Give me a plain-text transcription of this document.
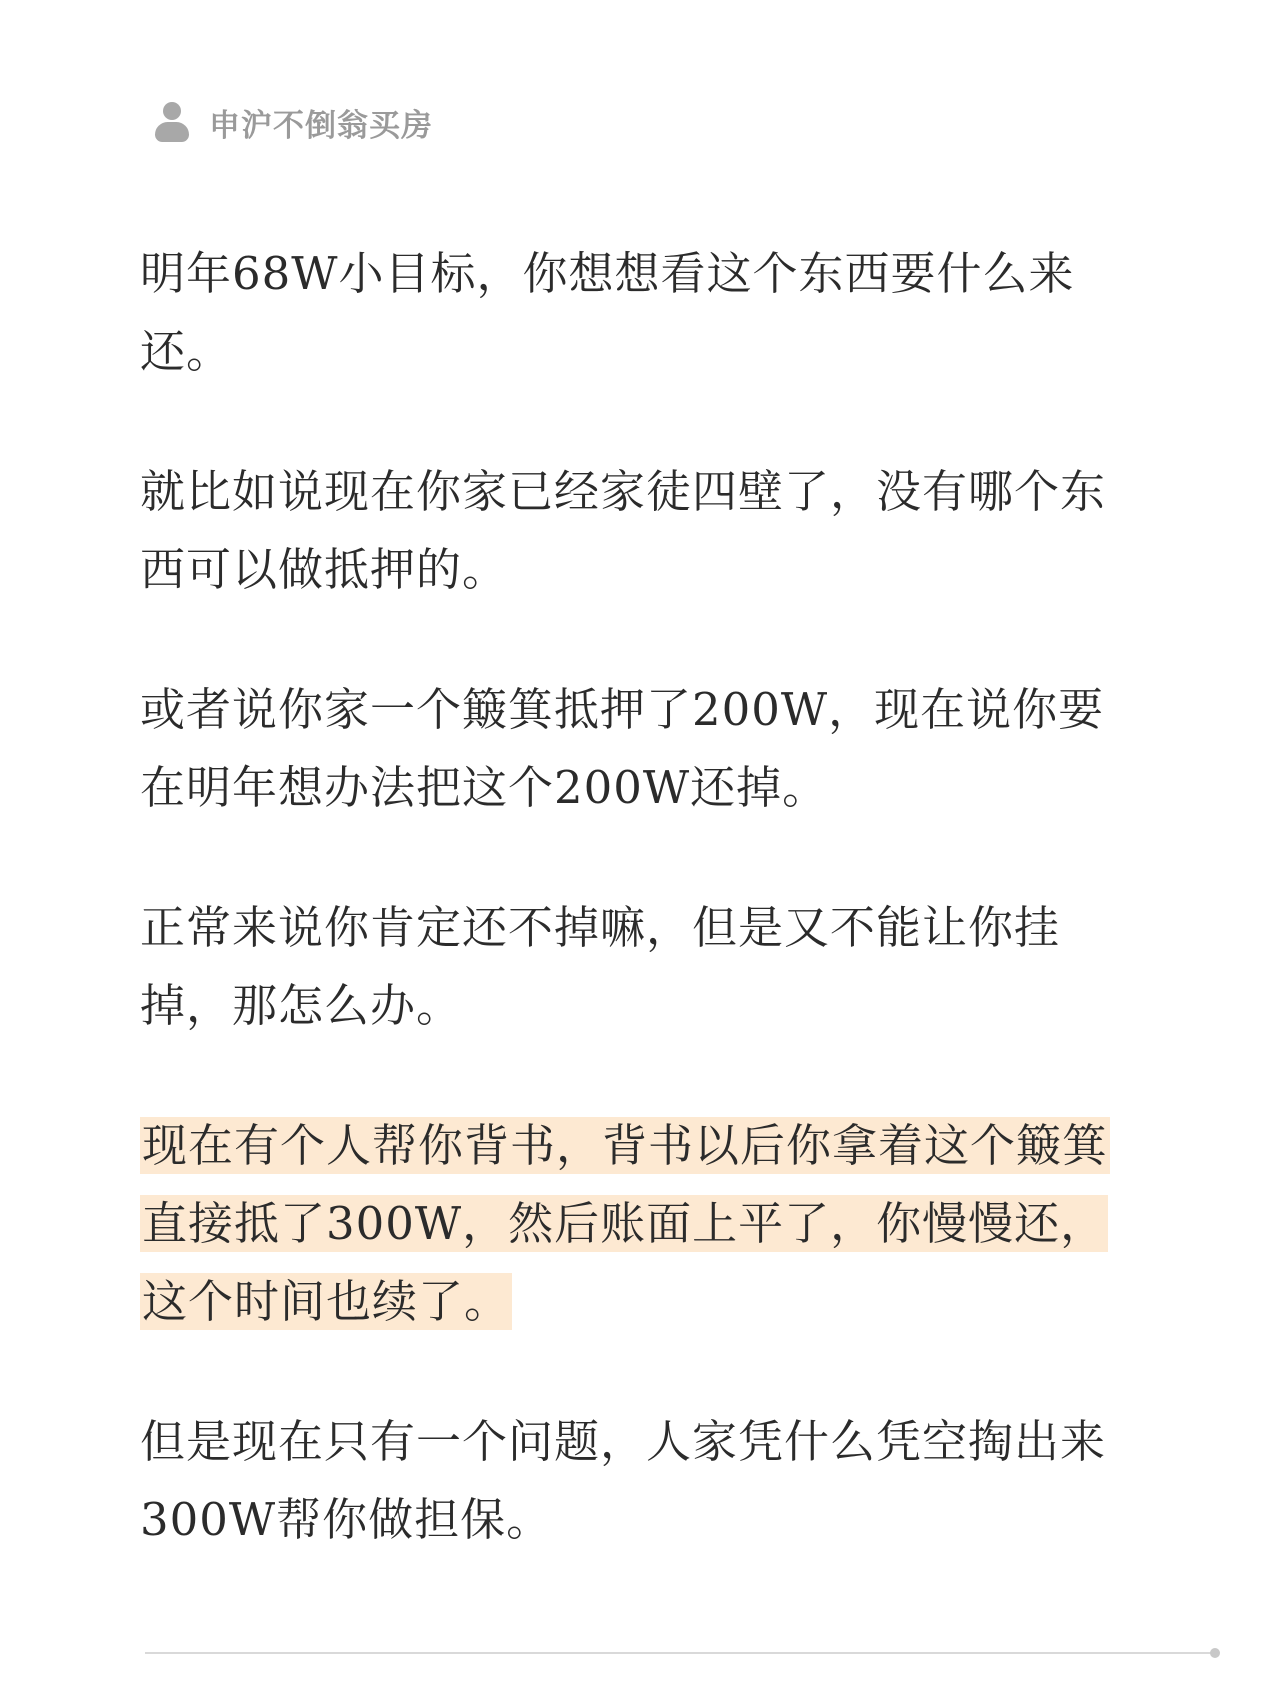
申沪不倒翁买房

明年68W小目标，你想想看这个东西要什么来还。

就比如说现在你家已经家徒四壁了，没有哪个东西可以做抵押的。

或者说你家一个簸箕抵押了200W，现在说你要在明年想办法把这个200W还掉。

正常来说你肯定还不掉嘛，但是又不能让你挂掉，那怎么办。

现在有个人帮你背书，背书以后你拿着这个簸箕直接抵了300W，然后账面上平了，你慢慢还，这个时间也续了。

但是现在只有一个问题，人家凭什么凭空掏出来300W帮你做担保。
